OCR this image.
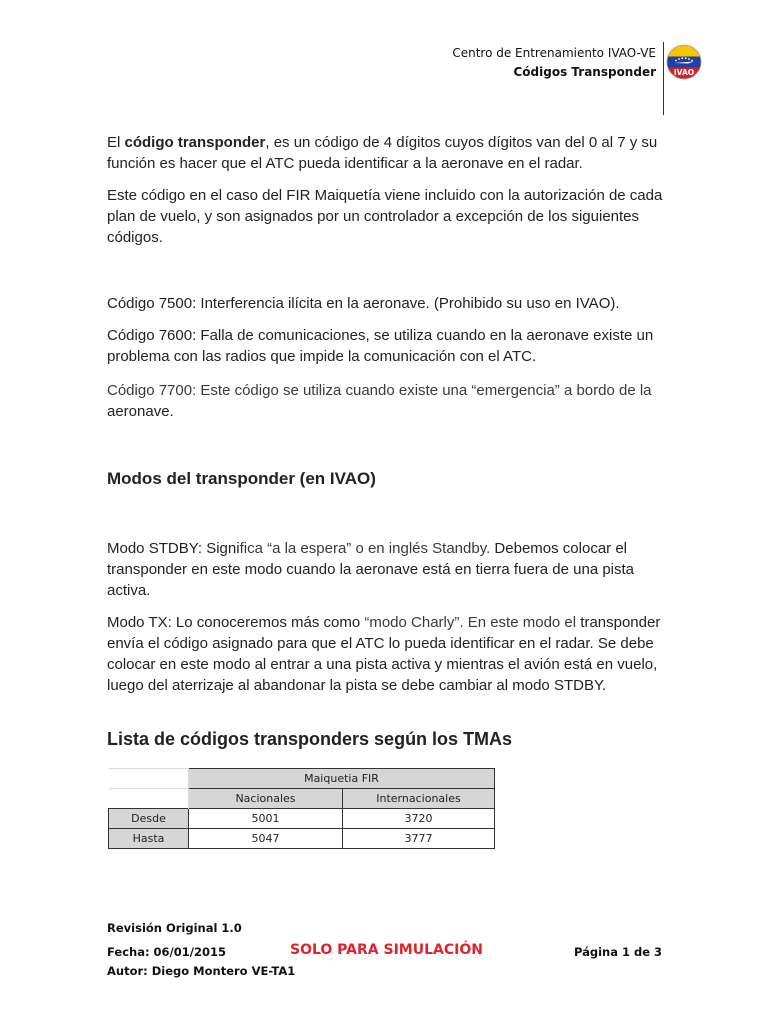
Centro de Entrenamiento IVAO-VE
Códigos Transponder IVAO

El código transponder, es un código de 4 dígitos cuyos dígitos van del 0 al 7 y su función es hacer que el ATC pueda identificar a la aeronave en el radar.

Este código en el caso del FIR Maiquetía viene incluido con la autorización de cada plan de vuelo, y son asignados por un controlador a excepción de los siguientes códigos.

Código 7500: Interferencia ilícita en la aeronave. (Prohibido su uso en IVAO).

Código 7600: Falla de comunicaciones, se utiliza cuando en la aeronave existe un problema con las radios que impide la comunicación con el ATC.

Código 7700: Este código se utiliza cuando existe una “emergencia” a bordo de la
aeronave.

Modos del transponder (en IVAO)

Modo STDBY: Significa “a la espera” o en inglés Standby. Debemos colocar el transponder en este modo cuando la aeronave está en tierra fuera de una pista activa.

Modo TX: Lo conoceremos más como “modo Charly”. En este modo el transponder envía el código asignado para que el ATC lo pueda identificar en el radar. Se debe colocar en este modo al entrar a una pista activa y mientras el avión está en vuelo, luego del aterrizaje al abandonar la pista se debe cambiar al modo STDBY.

Lista de códigos transponders según los TMAs
	Maiquetia FIR	
	Nacionales	Internacionales
Desde	5001	3720
Hasta	5047	3777
Revisión Original 1.0
Fecha: 06/01/2015
Autor: Diego Montero VE-TA1
SOLO PARA SIMULACIÓN	Página 1 de 3
